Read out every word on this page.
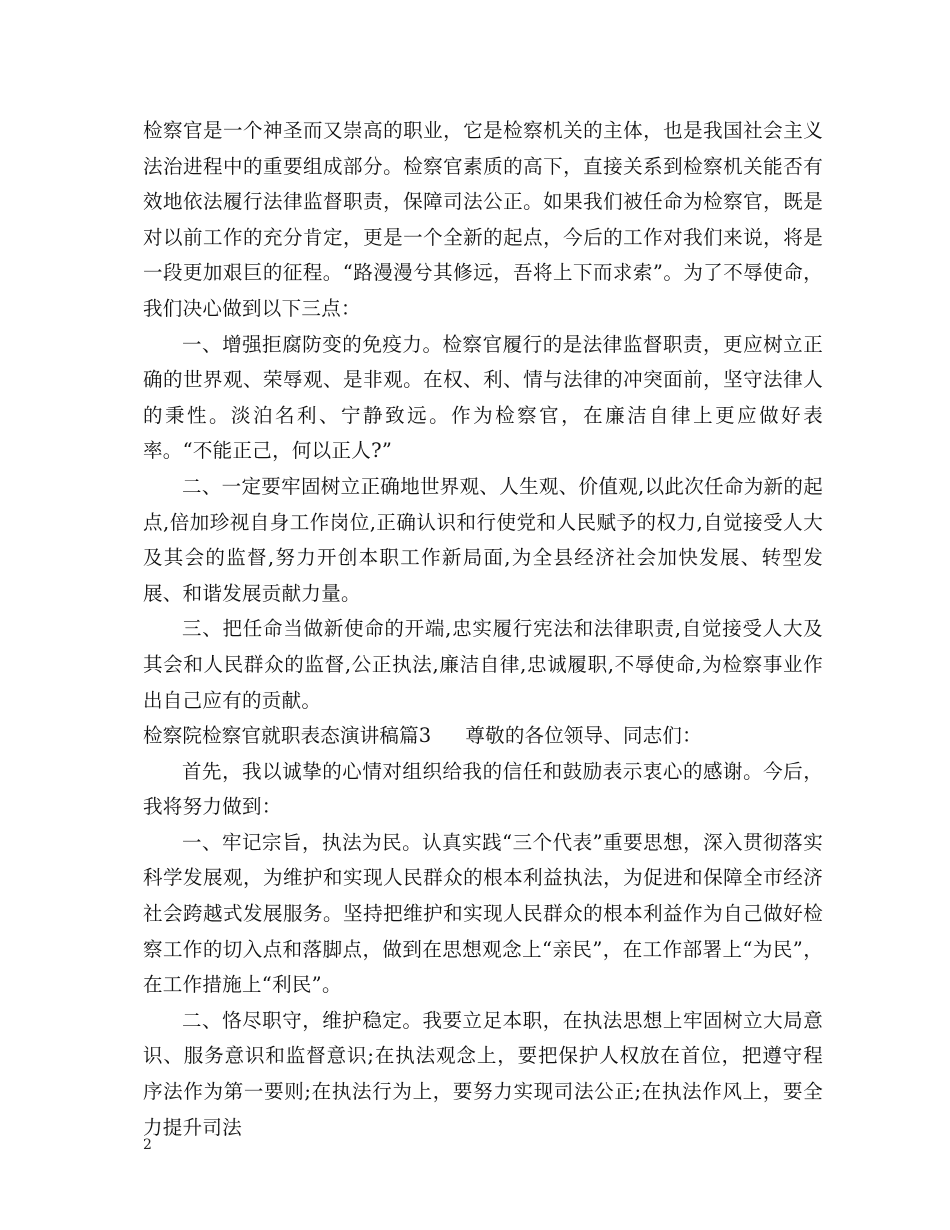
检察官是一个神圣而又崇高的职业，它是检察机关的主体，也是我国社会主义法治进程中的重要组成部分。检察官素质的高下，直接关系到检察机关能否有效地依法履行法律监督职责，保障司法公正。如果我们被任命为检察官，既是对以前工作的充分肯定，更是一个全新的起点，今后的工作对我们来说，将是一段更加艰巨的征程。“路漫漫兮其修远，吾将上下而求索”。为了不辱使命，我们决心做到以下三点：

一、增强拒腐防变的免疫力。检察官履行的是法律监督职责，更应树立正确的世界观、荣辱观、是非观。在权、利、情与法律的冲突面前，坚守法律人的秉性。淡泊名利、宁静致远。作为检察官，在廉洁自律上更应做好表率。“不能正己，何以正人?”

二、一定要牢固树立正确地世界观、人生观、价值观,以此次任命为新的起点,倍加珍视自身工作岗位,正确认识和行使党和人民赋予的权力,自觉接受人大及其会的监督,努力开创本职工作新局面,为全县经济社会加快发展、转型发展、和谐发展贡献力量。

三、把任命当做新使命的开端,忠实履行宪法和法律职责,自觉接受人大及其会和人民群众的监督,公正执法,廉洁自律,忠诚履职,不辱使命,为检察事业作出自己应有的贡献。

检察院检察官就职表态演讲稿篇3 尊敬的各位领导、同志们：

首先，我以诚挚的心情对组织给我的信任和鼓励表示衷心的感谢。今后，我将努力做到：

一、牢记宗旨，执法为民。认真实践“三个代表”重要思想，深入贯彻落实科学发展观，为维护和实现人民群众的根本利益执法，为促进和保障全市经济社会跨越式发展服务。坚持把维护和实现人民群众的根本利益作为自己做好检察工作的切入点和落脚点，做到在思想观念上“亲民”，在工作部署上“为民”，在工作措施上“利民”。

二、恪尽职守，维护稳定。我要立足本职，在执法思想上牢固树立大局意识、服务意识和监督意识;在执法观念上，要把保护人权放在首位，把遵守程序法作为第一要则;在执法行为上，要努力实现司法公正;在执法作风上，要全力提升司法

2
